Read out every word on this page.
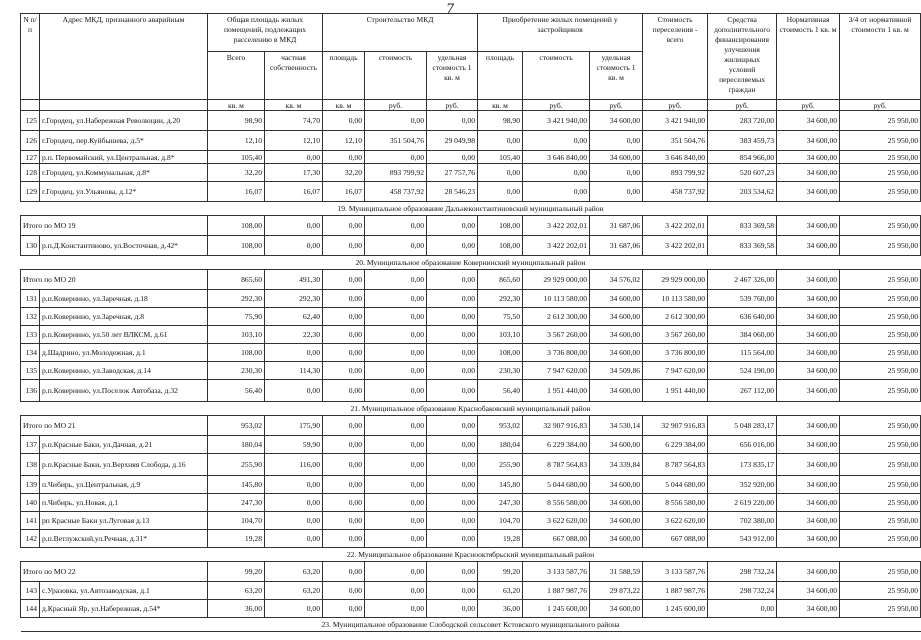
7
N п/п	Адрес МКД, признанного аварийным	Общая площадь жилых помещений, подлежащих расселению в МКД		Строительство МКД			Приобретение жилых помещений у застройщиков			Стоимость переселения - всего	Средства дополнительного финансирования улучшения жилищных условий переселяемых граждан	Нормативная стоимость 1 кв. м	3/4 от нормативной стоимости 1 кв. м
		Всего	частная собственность	площадь	стоимость	удельная стоимость 1 кв. м	площадь	стоимость	удельная стоимость 1 кв. м				
		кв. м	кв. м	кв. м	руб.	руб.	кв. м	руб.	руб.	руб.	руб.	руб.	руб.
125	г.Городец, ул.Набережная Революции, д.20	98,90	74,70	0,00	0,00	0,00	98,90	3 421 940,00	34 600,00	3 421 940,00	283 720,00	34 600,00	25 950,00
126	г.Городец, пер.Куйбышева, д.5*	12,10	12,10	12,10	351 504,76	29 049,98	0,00	0,00	0,00	351 504,76	383 459,73	34 600,00	25 950,00
127	р.п. Первомайский, ул.Центральная, д.8*	105,40	0,00	0,00	0,00	0,00	105,40	3 646 840,00	34 600,00	3 646 840,00	854 966,00	34 600,00	25 950,00
128	г.Городец, ул.Коммунальная, д.8*	32,20	17,30	32,20	893 799,92	27 757,76	0,00	0,00	0,00	893 799,92	520 607,23	34 600,00	25 950,00
129	г.Городец, ул.Ульянова, д.12*	16,07	16,07	16,07	458 737,92	28 546,23	0,00	0,00	0,00	458 737,92	203 534,62	34 600,00	25 950,00
19. Муниципальное образование Дальнеконстантиновский муниципальный район													
Итого по МО 19		108,00	0,00	0,00	0,00	0,00	108,00	3 422 202,01	31 687,06	3 422 202,01	833 369,58	34 600,00	25 950,00
130	р.п.Д.Константиново, ул.Восточная, д.42*	108,00	0,00	0,00	0,00	0,00	108,00	3 422 202,01	31 687,06	3 422 202,01	833 369,58	34 600,00	25 950,00
20. Муниципальное образование Ковернинский муниципальный район													
Итого по МО 20		865,60	491,30	0,00	0,00	0,00	865,60	29 929 000,00	34 576,02	29 929 000,00	2 467 326,00	34 600,00	25 950,00
131	р.п.Ковернино, ул.Заречная, д.18	292,30	292,30	0,00	0,00	0,00	292,30	10 113 580,00	34 600,00	10 113 580,00	539 760,00	34 600,00	25 950,00
132	р.п.Ковернино, ул.Заречная, д.8	75,90	62,40	0,00	0,00	0,00	75,50	2 612 300,00	34 600,00	2 612 300,00	636 640,00	34 600,00	25 950,00
133	р.п.Ковернино, ул.50 лет ВЛКСМ, д.61	103,10	22,30	0,00	0,00	0,00	103,10	3 567 260,00	34 600,00	3 567 260,00	384 060,00	34 600,00	25 950,00
134	д.Шадрино, ул.Молодежная, д.1	108,00	0,00	0,00	0,00	0,00	108,00	3 736 800,00	34 600,00	3 736 800,00	115 564,00	34 600,00	25 950,00
135	р.п.Ковернино, ул.Заводская, д.14	230,30	114,30	0,00	0,00	0,00	230,30	7 947 620,00	34 509,86	7 947 620,00	524 190,00	34 600,00	25 950,00
136	р.п.Ковернино, ул.Поселок Автобаза, д.32	56,40	0,00	0,00	0,00	0,00	56,40	1 951 440,00	34 600,00	1 951 440,00	267 112,00	34 600,00	25 950,00
21. Муниципальное образование Краснобаковский муниципальный район													
Итого по МО 21		953,02	175,90	0,00	0,00	0,00	953,02	32 907 916,83	34 530,14	32 907 916,83	5 048 283,17	34 600,00	25 950,00
137	р.п.Красные Баки, ул.Дачная, д.21	180,04	59,90	0,00	0,00	0,00	180,04	6 229 384,00	34 600,00	6 229 384,00	656 016,00	34 600,00	25 950,00
138	р.п.Красные Баки, ул.Верхняя Слобода, д.16	255,90	116,00	0,00	0,00	0,00	255,90	8 787 564,83	34 339,84	8 787 564,83	173 835,17	34 600,00	25 950,00
139	п.Чибирь, ул.Центральная, д.9	145,80	0,00	0,00	0,00	0,00	145,80	5 044 680,00	34 600,00	5 044 680,00	352 920,00	34 600,00	25 950,00
140	п.Чибирь, ул.Новая, д.1	247,30	0,00	0,00	0,00	0,00	247,30	8 556 580,00	34 600,00	8 556 580,00	2 619 220,00	34 600,00	25 950,00
141	рп Красные Баки ул.Луговая д.13	104,70	0,00	0,00	0,00	0,00	104,70	3 622 620,00	34 600,00	3 622 620,00	702 380,00	34 600,00	25 950,00
142	р.п.Ветлужский,ул.Речная, д.31*	19,28	0,00	0,00	0,00	0,00	19,28	667 088,00	34 600,00	667 088,00	543 912,00	34 600,00	25 950,00
22. Муниципальное образование Краснооктябрьский муниципальный район													
Итого по МО 22		99,20	63,20	0,00	0,00	0,00	99,20	3 133 587,76	31 588,59	3 133 587,76	298 732,24	34 600,00	25 950,00
143	с.Уразовка, ул.Автозаводская, д.1	63,20	63,20	0,00	0,00	0,00	63,20	1 887 987,76	29 873,22	1 887 987,76	298 732,24	34 600,00	25 950,00
144	д.Красный Яр, ул.Набережная, д.54*	36,00	0,00	0,00	0,00	0,00	36,00	1 245 600,00	34 600,00	1 245 600,00	0,00	34 600,00	25 950,00
23. Муниципальное образование Слободской сельсовет Кстовского муниципального района													
